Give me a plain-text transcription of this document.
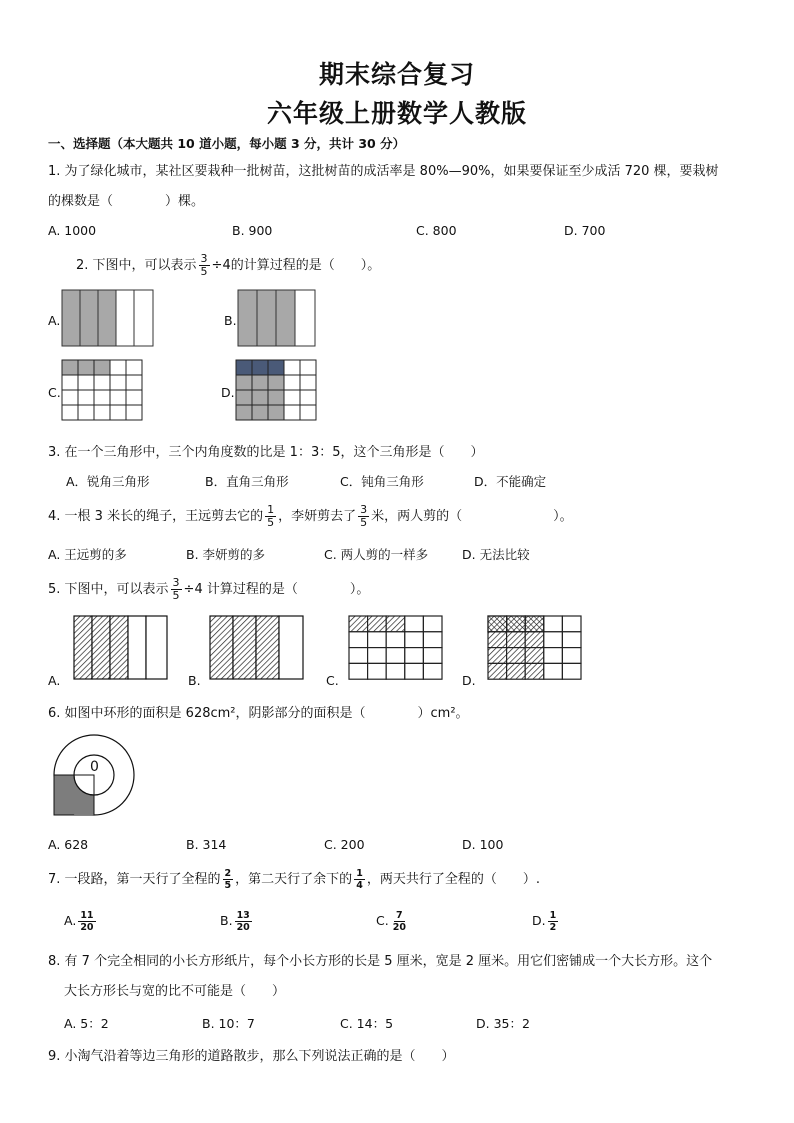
期末综合复习
六年级上册数学人教版
一、选择题（本大题共 10 道小题，每小题 3 分，共计 30 分）
1. 为了绿化城市，某社区要栽种一批树苗，这批树苗的成活率是 80%—90%，如果要保证至少成活 720 棵，要栽树
的棵数是（　　　　）棵。
A. 1000	B. 900	C. 800	D. 700
2. 下图中，可以表示 $\frac{3}{5} \div 4$的计算过程的是（　　）。
A.	B.
C.	D.
3. 在一个三角形中，三个内角度数的比是 1：3：5，这个三角形是（　　）
A．锐角三角形	B．直角三角形	C．钝角三角形	D．不能确定
4. 一根 3 米长的绳子，王远剪去它的 $\frac{1}{5}$ ，李妍剪去了 $\frac{3}{5}$ 米，两人剪的（　　　　　　　）。
A. 王远剪的多	B. 李妍剪的多	C. 两人剪的一样多	D. 无法比较
5. 下图中，可以表示 $\frac{3}{5} \div 4$ 计算过程的是（　　　　）。
A.	B.	C.	D.
6. 如图中环形的面积是 628cm²，阴影部分的面积是（　　　　）cm²。
0
A. 628	B. 314	C. 200	D. 100
7. 一段路，第一天行了全程的 $\frac{2}{5}$ ，第二天行了余下的 $\frac{1}{4}$ ，两天共行了全程的（　　）.
A. $\frac{11}{20}$	B. $\frac{13}{20}$	C. $\frac{7}{20}$	D. $\frac{1}{2}$
8. 有 7 个完全相同的小长方形纸片，每个小长方形的长是 5 厘米，宽是 2 厘米。用它们密铺成一个大长方形。这个
大长方形长与宽的比不可能是（　　）
A. 5：2	B. 10：7	C. 14：5	D. 35：2
9. 小淘气沿着等边三角形的道路散步，那么下列说法正确的是（　　）
